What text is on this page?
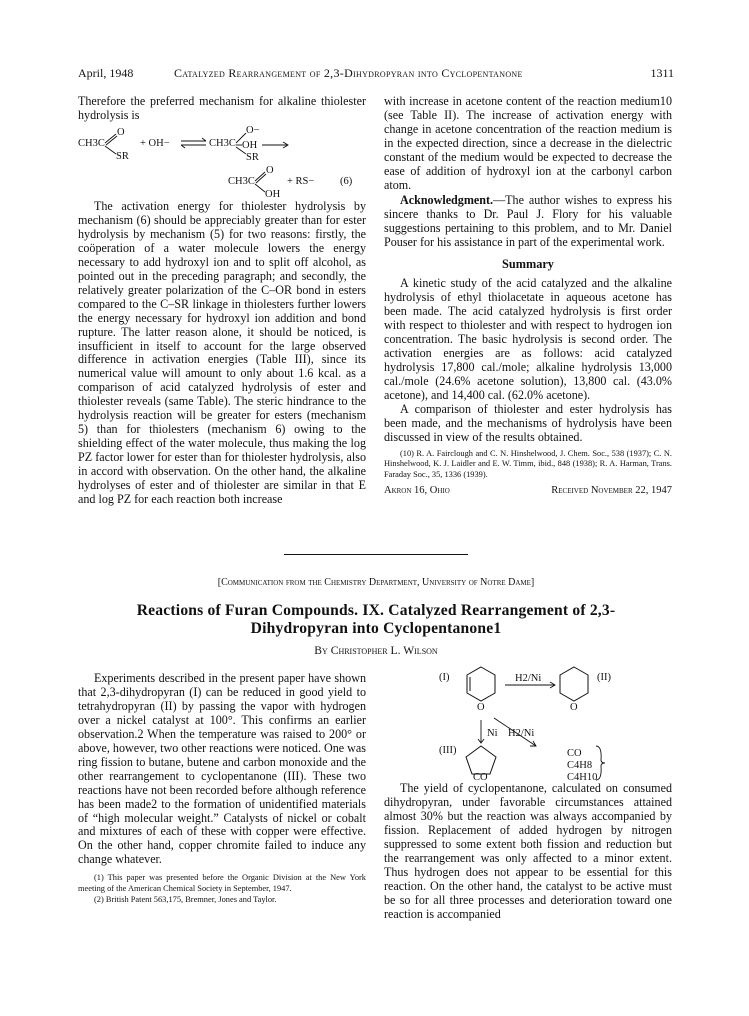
April, 1948	Catalyzed Rearrangement of 2,3-Dihydropyran into Cyclopentanone	1311

Therefore the preferred mechanism for alkaline thiolester hydrolysis is

CH3C
O
SR
+ OH−	CH3C
O−
OH
SR
CH3C
O
OH
+ RS− (6)

The activation energy for thiolester hydrolysis by mechanism (6) should be appreciably greater than for ester hydrolysis by mechanism (5) for two reasons: firstly, the coöperation of a water molecule lowers the energy necessary to add hydroxyl ion and to split off alcohol, as pointed out in the preceding paragraph; and secondly, the relatively greater polarization of the C–OR bond in esters compared to the C–SR linkage in thiolesters further lowers the energy necessary for hydroxyl ion addition and bond rupture. The latter reason alone, it should be noticed, is insufficient in itself to account for the large observed difference in activation energies (Table III), since its numerical value will amount to only about 1.6 kcal. as a comparison of acid catalyzed hydrolysis of ester and thiolester reveals (same Table). The steric hindrance to the hydrolysis reaction will be greater for esters (mechanism 5) than for thiolesters (mechanism 6) owing to the shielding effect of the water molecule, thus making the log PZ factor lower for ester than for thiolester hydrolysis, also in accord with observation. On the other hand, the alkaline hydrolyses of ester and of thiolester are similar in that E and log PZ for each reaction both increase

with increase in acetone content of the reaction medium10 (see Table II). The increase of activation energy with change in acetone concentration of the reaction medium is in the expected direction, since a decrease in the dielectric constant of the medium would be expected to decrease the ease of addition of hydroxyl ion at the carbonyl carbon atom.

Acknowledgment.—The author wishes to express his sincere thanks to Dr. Paul J. Flory for his valuable suggestions pertaining to this problem, and to Mr. Daniel Pouser for his assistance in part of the experimental work.

Summary

A kinetic study of the acid catalyzed and the alkaline hydrolysis of ethyl thiolacetate in aqueous acetone has been made. The acid catalyzed hydrolysis is first order with respect to thiolester and with respect to hydrogen ion concentration. The basic hydrolysis is second order. The activation energies are as follows: acid catalyzed hydrolysis 17,800 cal./mole; alkaline hydrolysis 13,000 cal./mole (24.6% acetone solution), 13,800 cal. (43.0% acetone), and 14,400 cal. (62.0% acetone).

A comparison of thiolester and ester hydrolysis has been made, and the mechanisms of hydrolysis have been discussed in view of the results obtained.

(10) R. A. Fairclough and C. N. Hinshelwood, J. Chem. Soc., 538 (1937); C. N. Hinshelwood, K. J. Laidler and E. W. Timm, ibid., 848 (1938); R. A. Harman, Trans. Faraday Soc., 35, 1336 (1939).

Akron 16, Ohio	Received November 22, 1947
[Communication from the Chemistry Department, University of Notre Dame]
Reactions of Furan Compounds. IX. Catalyzed Rearrangement of 2,3-
Dihydropyran into Cyclopentanone1
By Christopher L. Wilson

Experiments described in the present paper have shown that 2,3-dihydropyran (I) can be reduced in good yield to tetrahydropyran (II) by passing the vapor with hydrogen over a nickel catalyst at 100°. This confirms an earlier observation.2 When the temperature was raised to 200° or above, however, two other reactions were noticed. One was ring fission to butane, butene and carbon monoxide and the other rearrangement to cyclopentanone (III). These two reactions have not been recorded before although reference has been made2 to the formation of unidentified materials of “high molecular weight.” Catalysts of nickel or cobalt and mixtures of each of these with copper were effective. On the other hand, copper chromite failed to induce any change whatever.

(1) This paper was presented before the Organic Division at the New York meeting of the American Chemical Society in September, 1947.

(2) British Patent 563,175, Bremner, Jones and Taylor.

(I)
O
H2/Ni
O
(II)
Ni H2/Ni
(III)
CO
CO
C4H8
C4H10

The yield of cyclopentanone, calculated on consumed dihydropyran, under favorable circumstances attained almost 30% but the reaction was always accompanied by fission. Replacement of added hydrogen by nitrogen suppressed to some extent both fission and reduction but the rearrangement was only affected to a minor extent. Thus hydrogen does not appear to be essential for this reaction. On the other hand, the catalyst to be active must be so for all three processes and deterioration toward one reaction is accompanied
